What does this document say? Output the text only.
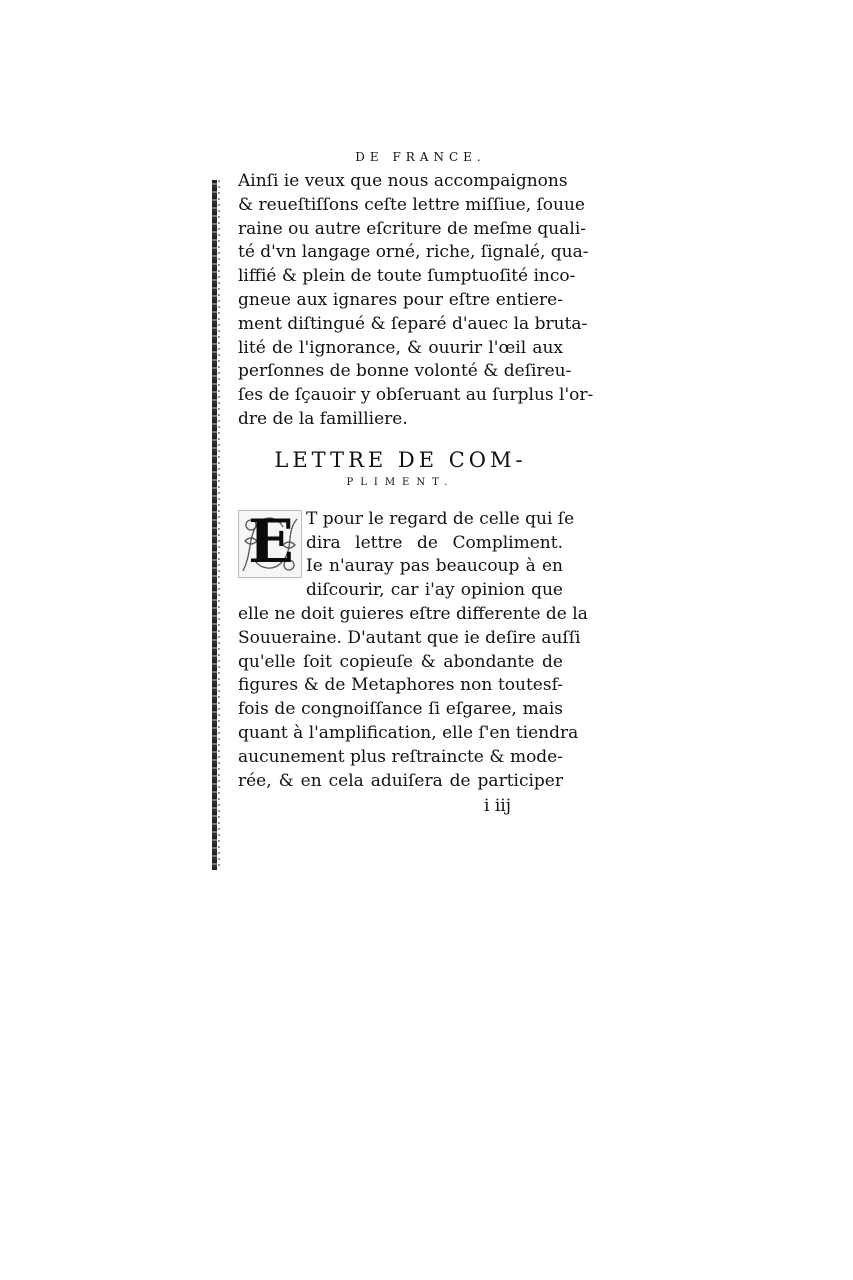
DE FRANCE.
Ainſi ie veux que nous accompaignons
& reueſtiſſons ceſte lettre miſſiue, ſouue
raine ou autre eſcriture de meſme quali-
té d'vn langage orné, riche, ſignalé, qua-
liffié & plein de toute ſumptuoſité inco-
gneue aux ignares pour eſtre entiere-
ment diſtingué & ſeparé d'auec la bruta-
lité de l'ignorance, & ouurir l'œil aux
perſonnes de bonne volonté & deſireu-
ſes de ſçauoir y obſeruant au ſurplus l'or-
dre de la familliere.
LETTRE DE COM-
PLIMENT.
E T pour le regard de celle qui ſe
dira lettre de Compliment.
Ie n'auray pas beaucoup à en
diſcourir, car i'ay opinion que
elle ne doit guieres eſtre differente de la
Souueraine. D'autant que ie deſire auſſi
qu'elle ſoit copieuſe & abondante de
figures & de Metaphores non toutesf-
fois de congnoiſſance ſi eſgaree, mais
quant à l'amplification, elle ſ'en tiendra
aucunement plus reſtraincte & mode-
rée, & en cela aduiſera de participer
i iij
